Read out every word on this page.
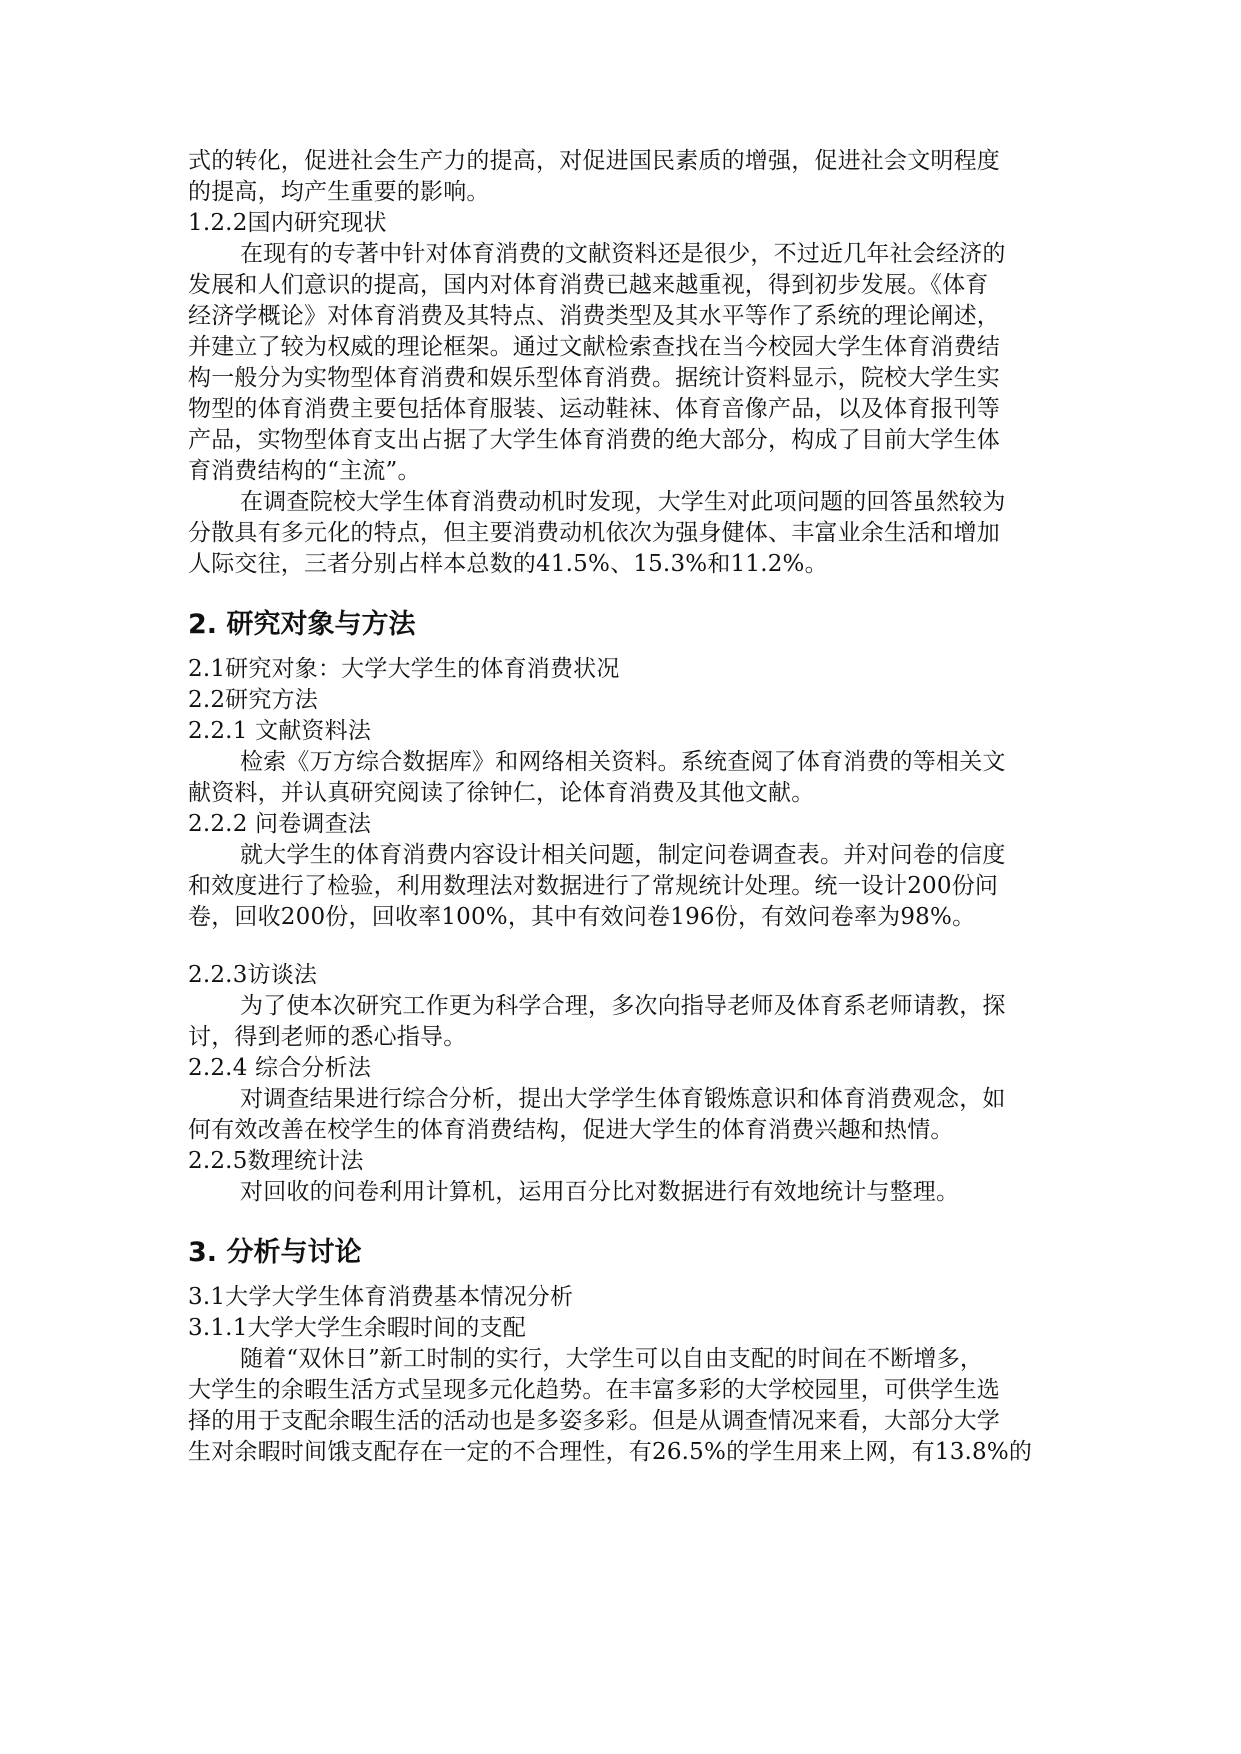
式的转化，促进社会生产力的提高，对促进国民素质的增强，促进社会文明程度
的提高，均产生重要的影响。
1.2.2国内研究现状
在现有的专著中针对体育消费的文献资料还是很少，不过近几年社会经济的
发展和人们意识的提高，国内对体育消费已越来越重视，得到初步发展。《体育
经济学概论》对体育消费及其特点、消费类型及其水平等作了系统的理论阐述，
并建立了较为权威的理论框架。通过文献检索查找在当今校园大学生体育消费结
构一般分为实物型体育消费和娱乐型体育消费。据统计资料显示，院校大学生实
物型的体育消费主要包括体育服装、运动鞋袜、体育音像产品，以及体育报刊等
产品，实物型体育支出占据了大学生体育消费的绝大部分，构成了目前大学生体
育消费结构的“主流”。
在调查院校大学生体育消费动机时发现，大学生对此项问题的回答虽然较为
分散具有多元化的特点，但主要消费动机依次为强身健体、丰富业余生活和增加
人际交往，三者分别占样本总数的41.5%、15.3%和11.2%。
2. 研究对象与方法
2.1研究对象：大学大学生的体育消费状况
2.2研究方法
2.2.1 文献资料法
检索《万方综合数据库》和网络相关资料。系统查阅了体育消费的等相关文
献资料，并认真研究阅读了徐钟仁，论体育消费及其他文献。
2.2.2 问卷调查法
就大学生的体育消费内容设计相关问题，制定问卷调查表。并对问卷的信度
和效度进行了检验，利用数理法对数据进行了常规统计处理。统一设计200份问
卷，回收200份，回收率100%，其中有效问卷196份，有效问卷率为98%。
2.2.3访谈法
为了使本次研究工作更为科学合理，多次向指导老师及体育系老师请教，探
讨，得到老师的悉心指导。
2.2.4 综合分析法
对调查结果进行综合分析，提出大学学生体育锻炼意识和体育消费观念，如
何有效改善在校学生的体育消费结构，促进大学生的体育消费兴趣和热情。
2.2.5数理统计法
对回收的问卷利用计算机，运用百分比对数据进行有效地统计与整理。
3. 分析与讨论
3.1大学大学生体育消费基本情况分析
3.1.1大学大学生余暇时间的支配
随着“双休日”新工时制的实行，大学生可以自由支配的时间在不断增多，
大学生的余暇生活方式呈现多元化趋势。在丰富多彩的大学校园里，可供学生选
择的用于支配余暇生活的活动也是多姿多彩。但是从调查情况来看，大部分大学
生对余暇时间饿支配存在一定的不合理性，有26.5%的学生用来上网，有13.8%的
